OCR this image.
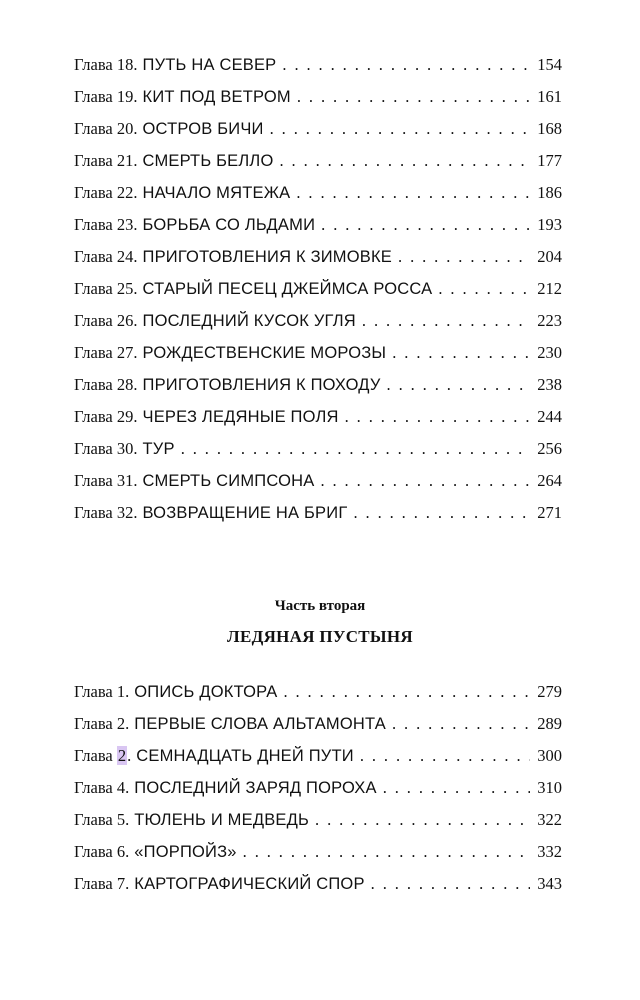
Глава 18. ПУТЬ НА СЕВЕР . . .	154
Глава 19. КИТ ПОД ВЕТРОМ . . .	161
Глава 20. ОСТРОВ БИЧИ . . .	168
Глава 21. СМЕРТЬ БЕЛЛО . . .	177
Глава 22. НАЧАЛО МЯТЕЖА . . .	186
Глава 23. БОРЬБА СО ЛЬДАМИ . . .	193
Глава 24. ПРИГОТОВЛЕНИЯ К ЗИМОВКЕ . . .	204
Глава 25. СТАРЫЙ ПЕСЕЦ ДЖЕЙМСА РОССА . . .	212
Глава 26. ПОСЛЕДНИЙ КУСОК УГЛЯ . . .	223
Глава 27. РОЖДЕСТВЕНСКИЕ МОРОЗЫ . . .	230
Глава 28. ПРИГОТОВЛЕНИЯ К ПОХОДУ . . .	238
Глава 29. ЧЕРЕЗ ЛЕДЯНЫЕ ПОЛЯ . . .	244
Глава 30. ТУР . . .	256
Глава 31. СМЕРТЬ СИМПСОНА . . .	264
Глава 32. ВОЗВРАЩЕНИЕ НА БРИГ . . .	271
Часть вторая
ЛЕДЯНАЯ ПУСТЫНЯ
Глава 1. ОПИСЬ ДОКТОРА . . .	279
Глава 2. ПЕРВЫЕ СЛОВА АЛЬТАМОНТА . . .	289
Глава 2. СЕМНАДЦАТЬ ДНЕЙ ПУТИ . . .	300
Глава 4. ПОСЛЕДНИЙ ЗАРЯД ПОРОХА . . .	310
Глава 5. ТЮЛЕНЬ И МЕДВЕДЬ . . .	322
Глава 6. «ПОРПОЙЗ» . . .	332
Глава 7. КАРТОГРАФИЧЕСКИЙ СПОР . . .	343
